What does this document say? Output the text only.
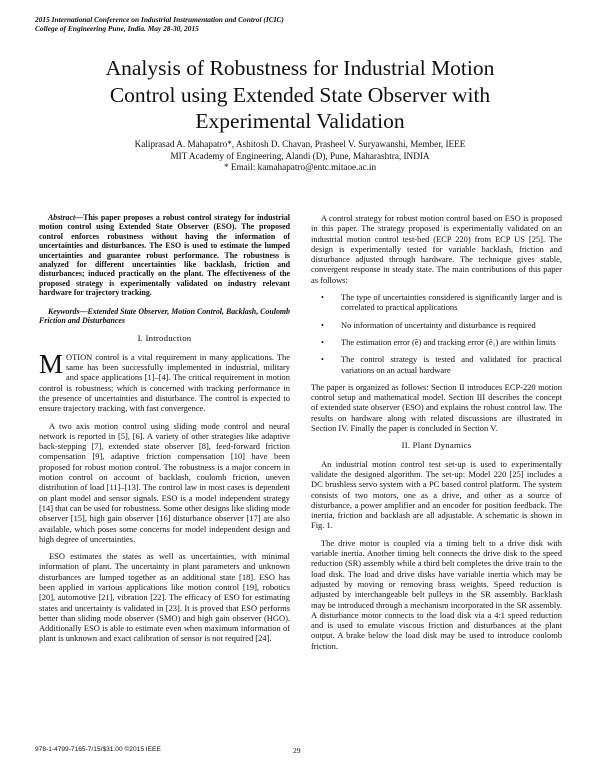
2015 International Conference on Industrial Instrumentation and Control (ICIC)
College of Engineering Pune, India. May 28-30, 2015
Analysis of Robustness for Industrial Motion
Control using Extended State Observer with
Experimental Validation
Kaliprasad A. Mahapatro*, Ashitosh D. Chavan, Prasheel V. Suryawanshi, Member, IEEE
MIT Academy of Engineering, Alandi (D), Pune, Maharashtra, INDIA
* Email: kamahapatro@entc.mitaoe.ac.in
Abstract—This paper proposes a robust control strategy for industrial motion control using Extended State Observer (ESO). The proposed control enforces robustness without having the information of uncertainties and disturbances. The ESO is used to estimate the lumped uncertainties and guarantee robust performance. The robustness is analyzed for different uncertainties like backlash, friction and disturbances; induced practically on the plant. The effectiveness of the proposed strategy is experimentally validated on industry relevant hardware for trajectory tracking.
Keywords—Extended State Observer, Motion Control, Backlash, Coulomb Friction and Disturbances
I. Introduction

MOTION control is a vital requirement in many applications. The same has been successfully implemented in industrial, military and space applications [1]–[4]. The critical requirement in motion control is robustness; which is concerned with tracking performance in the presence of uncertainties and disturbance. The control is expected to ensure trajectory tracking, with fast convergence.

A two axis motion control using sliding mode control and neural network is reported in [5], [6]. A variety of other strategies like adaptive back-stepping [7], extended state observer [8], feed-forward friction compensation [9], adaptive friction compensation [10] have been proposed for robust motion control. The robustness is a major concern in motion control on account of backlash, coulomb friction, uneven distribution of load [11]–[13]. The control law in most cases is dependent on plant model and sensor signals. ESO is a model independent strategy [14] that can be used for robustness. Some other designs like sliding mode observer [15], high gain observer [16] disturbance observer [17] are also available, which poses some concerns for model independent design and high degree of uncertainties.

ESO estimates the states as well as uncertainties, with minimal information of plant. The uncertainty in plant parameters and unknown disturbances are lumped together as an additional state [18]. ESO has been applied in various applications like motion control [19], robotics [20], automotive [21], vibration [22]. The efficacy of ESO for estimating states and uncertainty is validated in [23]. It is proved that ESO performs better than sliding mode observer (SMO) and high gain observer (HGO). Additionally ESO is able to estimate even when maximum information of plant is unknown and exact calibration of sensor is not required [24].

A control strategy for robust motion control based on ESO is proposed in this paper. The strategy proposed is experimentally validated on an industrial motion control test-bed (ECP 220) from ECP US [25]. The design is experimentally tested for variable backlash, friction and disturbance adjusted through hardware. The technique gives stable, convergent response in steady state. The main contributions of this paper as follows:

• The type of uncertainties considered is significantly larger and is correlated to practical applications
• No information of uncertainty and disturbance is required
• The estimation error (ẽ) and tracking error (ẽ₁) are within limits
• The control strategy is tested and validated for practical variations on an actual hardware

The paper is organized as follows: Section II introduces ECP-220 motion control setup and mathematical model. Section III describes the concept of extended state observer (ESO) and explains the robust control law. The results on hardware along with related discussions are illustrated in Section IV. Finally the paper is concluded in Section V.

II. Plant Dynamics

An industrial motion control test set-up is used to experimentally validate the designed algorithm. The set-up: Model 220 [25] includes a DC brushless servo system with a PC based control platform. The system consists of two motors, one as a drive, and other as a source of disturbance, a power amplifier and an encoder for position feedback. The inertia, friction and backlash are all adjustable. A schematic is shown in Fig. 1.

The drive motor is coupled via a timing belt to a drive disk with variable inertia. Another timing belt connects the drive disk to the speed reduction (SR) assembly while a third belt completes the drive train to the load disk. The load and drive disks have variable inertia which may be adjusted by moving or removing brass weights. Speed reduction is adjusted by interchangeable belt pulleys in the SR assembly. Backlash may be introduced through a mechanism incorporated in the SR assembly. A disturbance motor connects to the load disk via a 4:1 speed reduction and is used to emulate viscous friction and disturbances at the plant output. A brake below the load disk may be used to introduce coulomb friction.

978-1-4799-7165-7/15/$31.00 ©2015 IEEE	29
